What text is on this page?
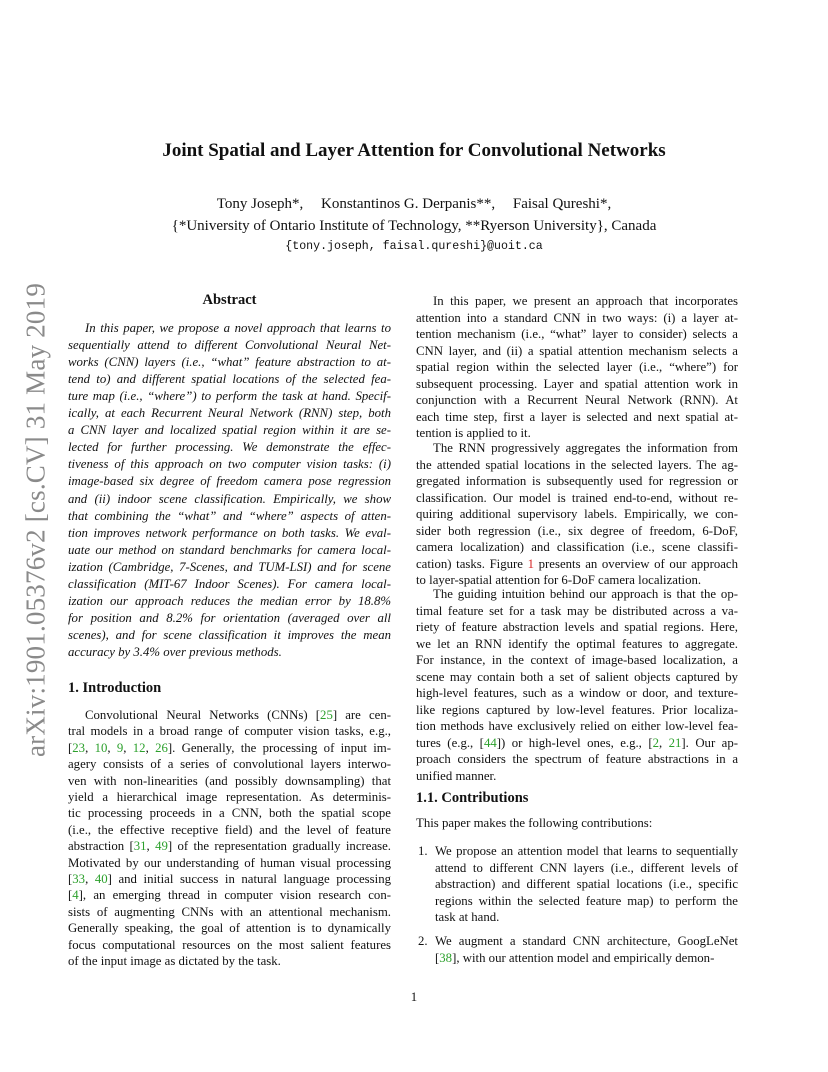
arXiv:1901.05376v2 [cs.CV] 31 May 2019
Joint Spatial and Layer Attention for Convolutional Networks
Tony Joseph*, Konstantinos G. Derpanis**, Faisal Qureshi*,
{*University of Ontario Institute of Technology, **Ryerson University}, Canada
{tony.joseph, faisal.qureshi}@uoit.ca
Abstract
In this paper, we propose a novel approach that learns to
sequentially attend to different Convolutional Neural Net-
works (CNN) layers (i.e., “what” feature abstraction to at-
tend to) and different spatial locations of the selected fea-
ture map (i.e., “where”) to perform the task at hand. Specif-
ically, at each Recurrent Neural Network (RNN) step, both
a CNN layer and localized spatial region within it are se-
lected for further processing. We demonstrate the effec-
tiveness of this approach on two computer vision tasks: (i)
image-based six degree of freedom camera pose regression
and (ii) indoor scene classification. Empirically, we show
that combining the “what” and “where” aspects of atten-
tion improves network performance on both tasks. We eval-
uate our method on standard benchmarks for camera local-
ization (Cambridge, 7-Scenes, and TUM-LSI) and for scene
classification (MIT-67 Indoor Scenes). For camera local-
ization our approach reduces the median error by 18.8%
for position and 8.2% for orientation (averaged over all
scenes), and for scene classification it improves the mean
accuracy by 3.4% over previous methods.
1. Introduction
Convolutional Neural Networks (CNNs) [25] are cen-
tral models in a broad range of computer vision tasks, e.g.,
[23, 10, 9, 12, 26]. Generally, the processing of input im-
agery consists of a series of convolutional layers interwo-
ven with non-linearities (and possibly downsampling) that
yield a hierarchical image representation. As determinis-
tic processing proceeds in a CNN, both the spatial scope
(i.e., the effective receptive field) and the level of feature
abstraction [31, 49] of the representation gradually increase.
Motivated by our understanding of human visual processing
[33, 40] and initial success in natural language processing
[4], an emerging thread in computer vision research con-
sists of augmenting CNNs with an attentional mechanism.
Generally speaking, the goal of attention is to dynamically
focus computational resources on the most salient features
of the input image as dictated by the task.
In this paper, we present an approach that incorporates
attention into a standard CNN in two ways: (i) a layer at-
tention mechanism (i.e., “what” layer to consider) selects a
CNN layer, and (ii) a spatial attention mechanism selects a
spatial region within the selected layer (i.e., “where”) for
subsequent processing. Layer and spatial attention work in
conjunction with a Recurrent Neural Network (RNN). At
each time step, first a layer is selected and next spatial at-
tention is applied to it.
The RNN progressively aggregates the information from
the attended spatial locations in the selected layers. The ag-
gregated information is subsequently used for regression or
classification. Our model is trained end-to-end, without re-
quiring additional supervisory labels. Empirically, we con-
sider both regression (i.e., six degree of freedom, 6-DoF,
camera localization) and classification (i.e., scene classifi-
cation) tasks. Figure 1 presents an overview of our approach
to layer-spatial attention for 6-DoF camera localization.
The guiding intuition behind our approach is that the op-
timal feature set for a task may be distributed across a va-
riety of feature abstraction levels and spatial regions. Here,
we let an RNN identify the optimal features to aggregate.
For instance, in the context of image-based localization, a
scene may contain both a set of salient objects captured by
high-level features, such as a window or door, and texture-
like regions captured by low-level features. Prior localiza-
tion methods have exclusively relied on either low-level fea-
tures (e.g., [44]) or high-level ones, e.g., [2, 21]. Our ap-
proach considers the spectrum of feature abstractions in a
unified manner.
1.1. Contributions
This paper makes the following contributions:
1. We propose an attention model that learns to sequentially
attend to different CNN layers (i.e., different levels of
abstraction) and different spatial locations (i.e., specific
regions within the selected feature map) to perform the
task at hand.
2. We augment a standard CNN architecture, GoogLeNet
[38], with our attention model and empirically demon-
1
